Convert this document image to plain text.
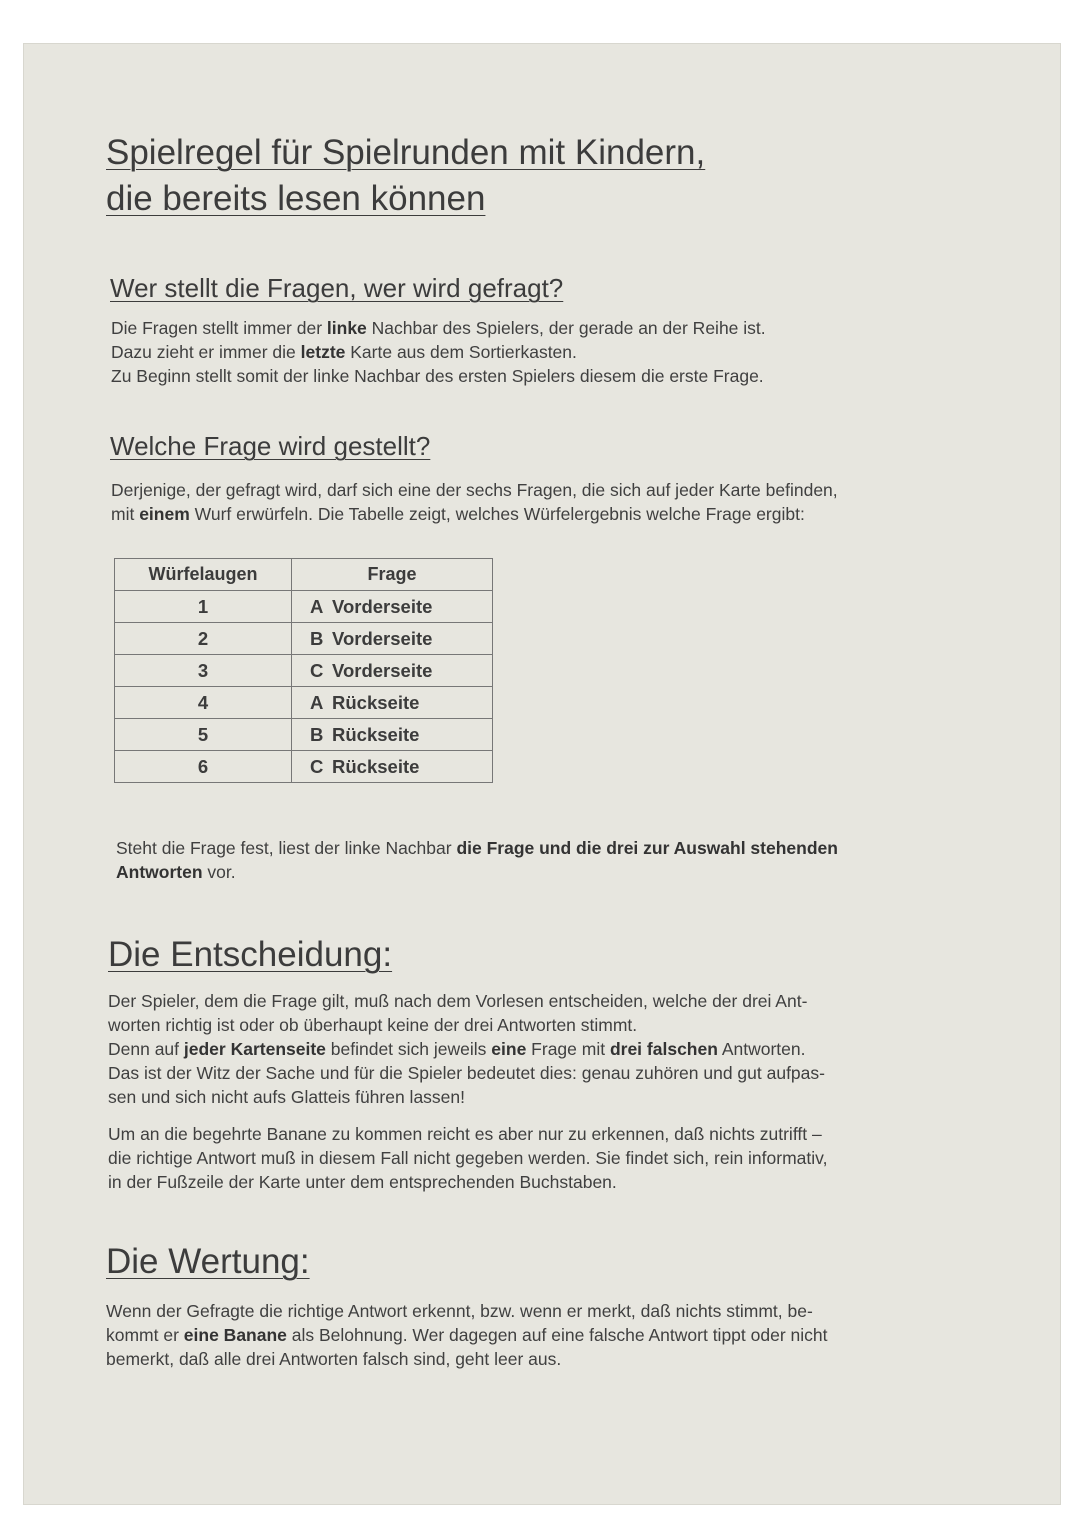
Spielregel für Spielrunden mit Kindern,
die bereits lesen können
Wer stellt die Fragen, wer wird gefragt?

Die Fragen stellt immer der linke Nachbar des Spielers, der gerade an der Reihe ist.
Dazu zieht er immer die letzte Karte aus dem Sortierkasten.
Zu Beginn stellt somit der linke Nachbar des ersten Spielers diesem die erste Frage.

Welche Frage wird gestellt?

Derjenige, der gefragt wird, darf sich eine der sechs Fragen, die sich auf jeder Karte befinden,
mit einem Wurf erwürfeln. Die Tabelle zeigt, welches Würfelergebnis welche Frage ergibt:

Würfelaugen	Frage
1	A Vorderseite
2	B Vorderseite
3	C Vorderseite
4	A Rückseite
5	B Rückseite
6	C Rückseite

Steht die Frage fest, liest der linke Nachbar die Frage und die drei zur Auswahl stehenden
Antworten vor.

Die Entscheidung:

Der Spieler, dem die Frage gilt, muß nach dem Vorlesen entscheiden, welche der drei Ant-
worten richtig ist oder ob überhaupt keine der drei Antworten stimmt.
Denn auf jeder Kartenseite befindet sich jeweils eine Frage mit drei falschen Antworten.
Das ist der Witz der Sache und für die Spieler bedeutet dies: genau zuhören und gut aufpas-
sen und sich nicht aufs Glatteis führen lassen!

Um an die begehrte Banane zu kommen reicht es aber nur zu erkennen, daß nichts zutrifft –
die richtige Antwort muß in diesem Fall nicht gegeben werden. Sie findet sich, rein informativ,
in der Fußzeile der Karte unter dem entsprechenden Buchstaben.

Die Wertung:

Wenn der Gefragte die richtige Antwort erkennt, bzw. wenn er merkt, daß nichts stimmt, be-
kommt er eine Banane als Belohnung. Wer dagegen auf eine falsche Antwort tippt oder nicht
bemerkt, daß alle drei Antworten falsch sind, geht leer aus.
